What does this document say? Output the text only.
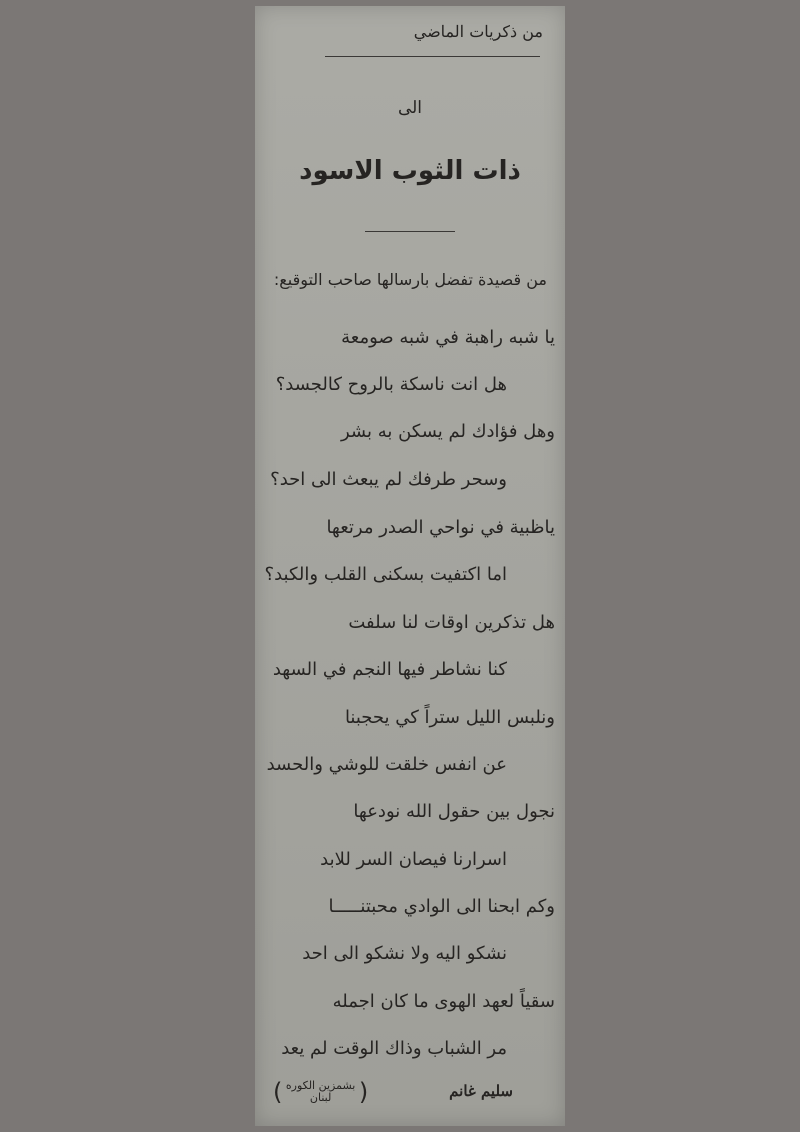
من ذكريات الماضي
الى
ذات الثوب الاسود
من قصيدة تفضل بارسالها صاحب التوقيع:
يا شبه راهبة في شبه صومعة
هل انت ناسكة بالروح كالجسد؟
وهل فؤادك لم يسكن به بشر
وسحر طرفك لم يبعث الى احد؟
ياظبية في نواحي الصدر مرتعها
اما اكتفيت بسكنى القلب والكبد؟
هل تذكرين اوقات لنا سلفت
كنا نشاطر فيها النجم في السهد
ونلبس الليل ستراً كي يحجبنا
عن انفس خلقت للوشي والحسد
نجول بين حقول الله نودعها
اسرارنا فيصان السر للابد
وكم ابحنا الى الوادي محبتنـــــا
نشكو اليه ولا نشكو الى احد
سقياً لعهد الهوى ما كان اجمله
مر الشباب وذاك الوقت لم يعد
سليم غانم
(
بشمزين الكوره
لبنان
)
